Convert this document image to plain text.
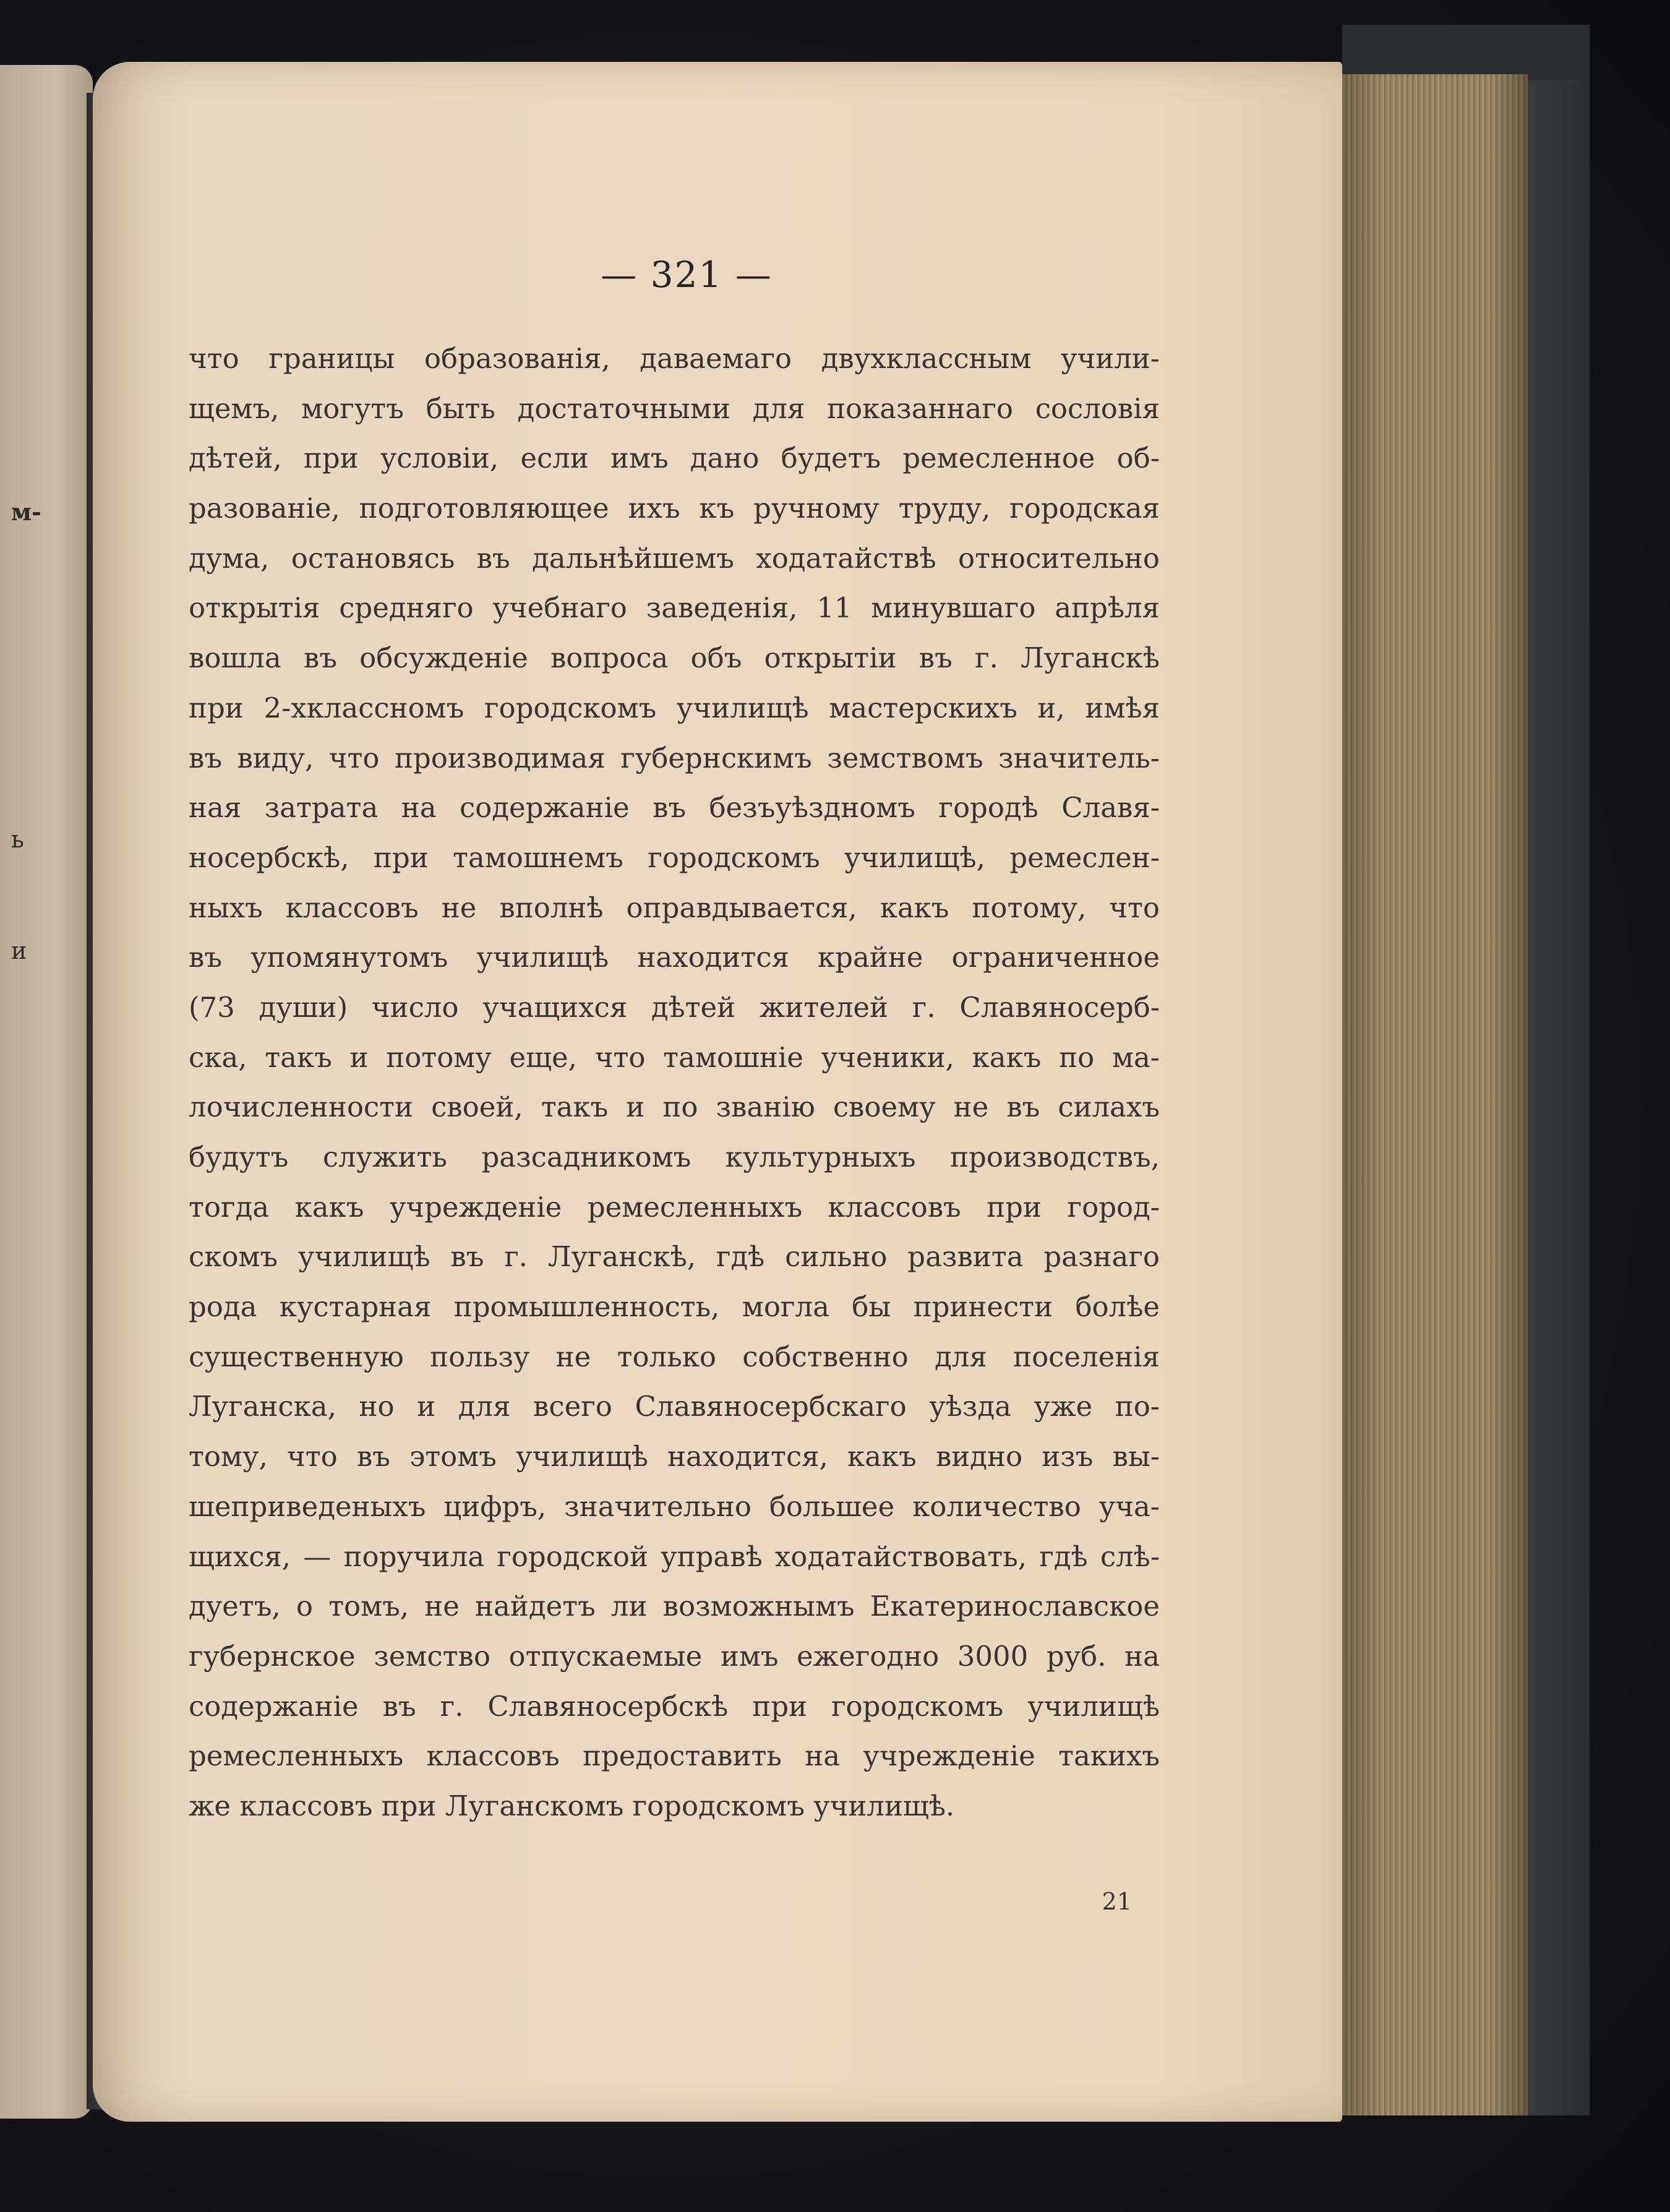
м-
ь
и
— 321 —
что границы образованія, даваемаго двухклассным учили-
щемъ, могутъ быть достаточными для показаннаго сословія
дѣтей, при условіи, если имъ дано будетъ ремесленное об-
разованіе, подготовляющее ихъ къ ручному труду, городская
дума, остановясь въ дальнѣйшемъ ходатайствѣ относительно
открытія средняго учебнаго заведенія, 11 минувшаго апрѣля
вошла въ обсужденіе вопроса объ открытіи въ г. Луганскѣ
при 2-хклассномъ городскомъ училищѣ мастерскихъ и, имѣя
въ виду, что производимая губернскимъ земствомъ значитель-
ная затрата на содержаніе въ безъуѣздномъ городѣ Славя-
носербскѣ, при тамошнемъ городскомъ училищѣ, ремеслен-
ныхъ классовъ не вполнѣ оправдывается, какъ потому, что
въ упомянутомъ училищѣ находится крайне ограниченное
(73 души) число учащихся дѣтей жителей г. Славяносерб-
ска, такъ и потому еще, что тамошніе ученики, какъ по ма-
лочисленности своей, такъ и по званію своему не въ силахъ
будутъ служить разсадникомъ культурныхъ производствъ,
тогда какъ учрежденіе ремесленныхъ классовъ при город-
скомъ училищѣ въ г. Луганскѣ, гдѣ сильно развита разнаго
рода кустарная промышленность, могла бы принести болѣе
существенную пользу не только собственно для поселенія
Луганска, но и для всего Славяносербскаго уѣзда уже по-
тому, что въ этомъ училищѣ находится, какъ видно изъ вы-
шеприведеныхъ цифръ, значительно большее количество уча-
щихся, — поручила городской управѣ ходатайствовать, гдѣ слѣ-
дуетъ, о томъ, не найдетъ ли возможнымъ Екатеринославское
губернское земство отпускаемые имъ ежегодно 3000 руб. на
содержаніе въ г. Славяносербскѣ при городскомъ училищѣ
ремесленныхъ классовъ предоставить на учрежденіе такихъ
же классовъ при Луганскомъ городскомъ училищѣ.
21
